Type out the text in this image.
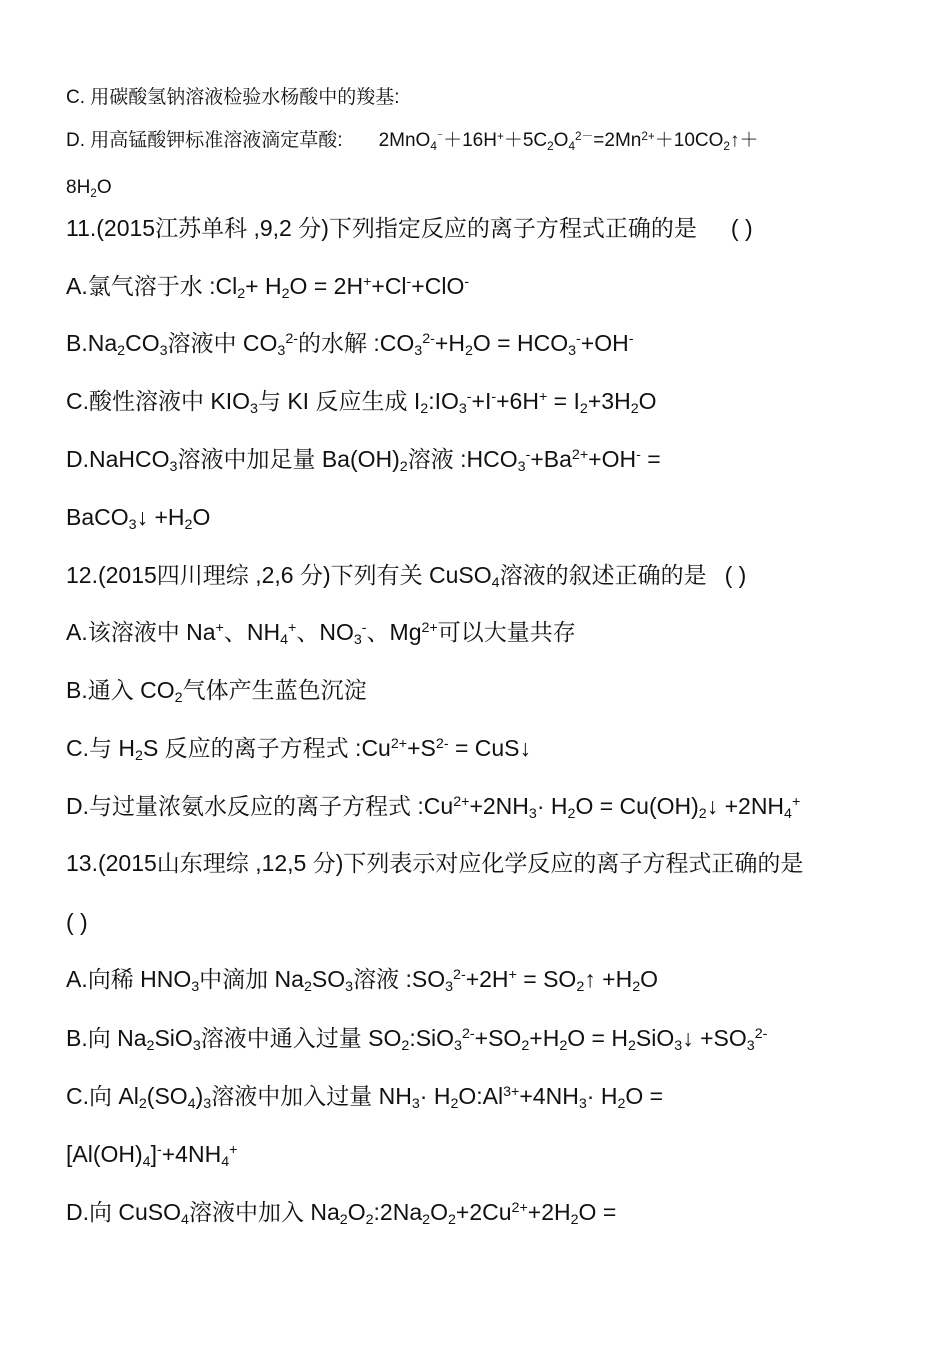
C. 用碳酸氢钠溶液检验水杨酸中的羧基:
D. 用高锰酸钾标准溶液滴定草酸: $2MnO_4^{^-}+16H^++5C_2O_4^{2-}=2Mn^{2+}+10CO_2↑+$
$8H_2O$
11.(2015江苏单科 ,9,2 分)下列指定反应的离子方程式正确的是 ( )
A.氯气溶于水 $:Cl_2+ H_2O = 2H^++Cl^-+ClO^-$
$B.Na_2CO_3$溶液中 $CO_3^{2-}$的水解 $:CO_3^{2-}+H_2O = HCO_3^-+OH^-$
C.酸性溶液中 $KIO_3$与 KI 反应生成 $I_2:IO_3^-+I^-+6H^+ = I_2+3H_2O$
D.NaHCO$_3$溶液中加足量 $Ba(OH)_2$溶液 $:HCO_3^-+Ba^{2+}+OH^-$ =
BaCO$_3$↓ $+H_2O$
12.(2015四川理综 ,2,6 分)下列有关 CuSO$_4$溶液的叙述正确的是 ( )
A.该溶液中 Na+、$NH_4^+$、$NO_3^-$、$Mg^{2+}$可以大量共存
B.通入 $CO_2$气体产生蓝色沉淀
C.与 $H_2S$ 反应的离子方程式 $:Cu^{2+}+S^{2-}$ = CuS↓
D.与过量浓氨水反应的离子方程式 $:Cu^{2+}+2NH_3\cdot H_2O$ = $Cu(OH)_2↓ +2NH_4^+$
13.(2015山东理综 ,12,5 分)下列表示对应化学反应的离子方程式正确的是
( )
A.向稀 $HNO_3$中滴加 $Na_2SO_3$溶液 $:SO_3^{2-}+2H^+$ = $SO_2↑ +H_2O$
B.向 $Na_2SiO_3$溶液中通入过量 $SO_2:SiO_3^{2-}+SO_2+H_2O$ = $H_2SiO_3↓ +SO_3^{2-}$
C.向 $Al_2(SO_4)_3$溶液中加入过量 $NH_3\cdot$ $H_2O:Al^{3+}+4NH_3\cdot H_2O$ =
$[Al(OH)_4]^-+4NH_4^+$
D.向 CuSO$_4$溶液中加入 $Na_2O_2:2Na_2O_2+2Cu^{2+}+2H_2O$ =
